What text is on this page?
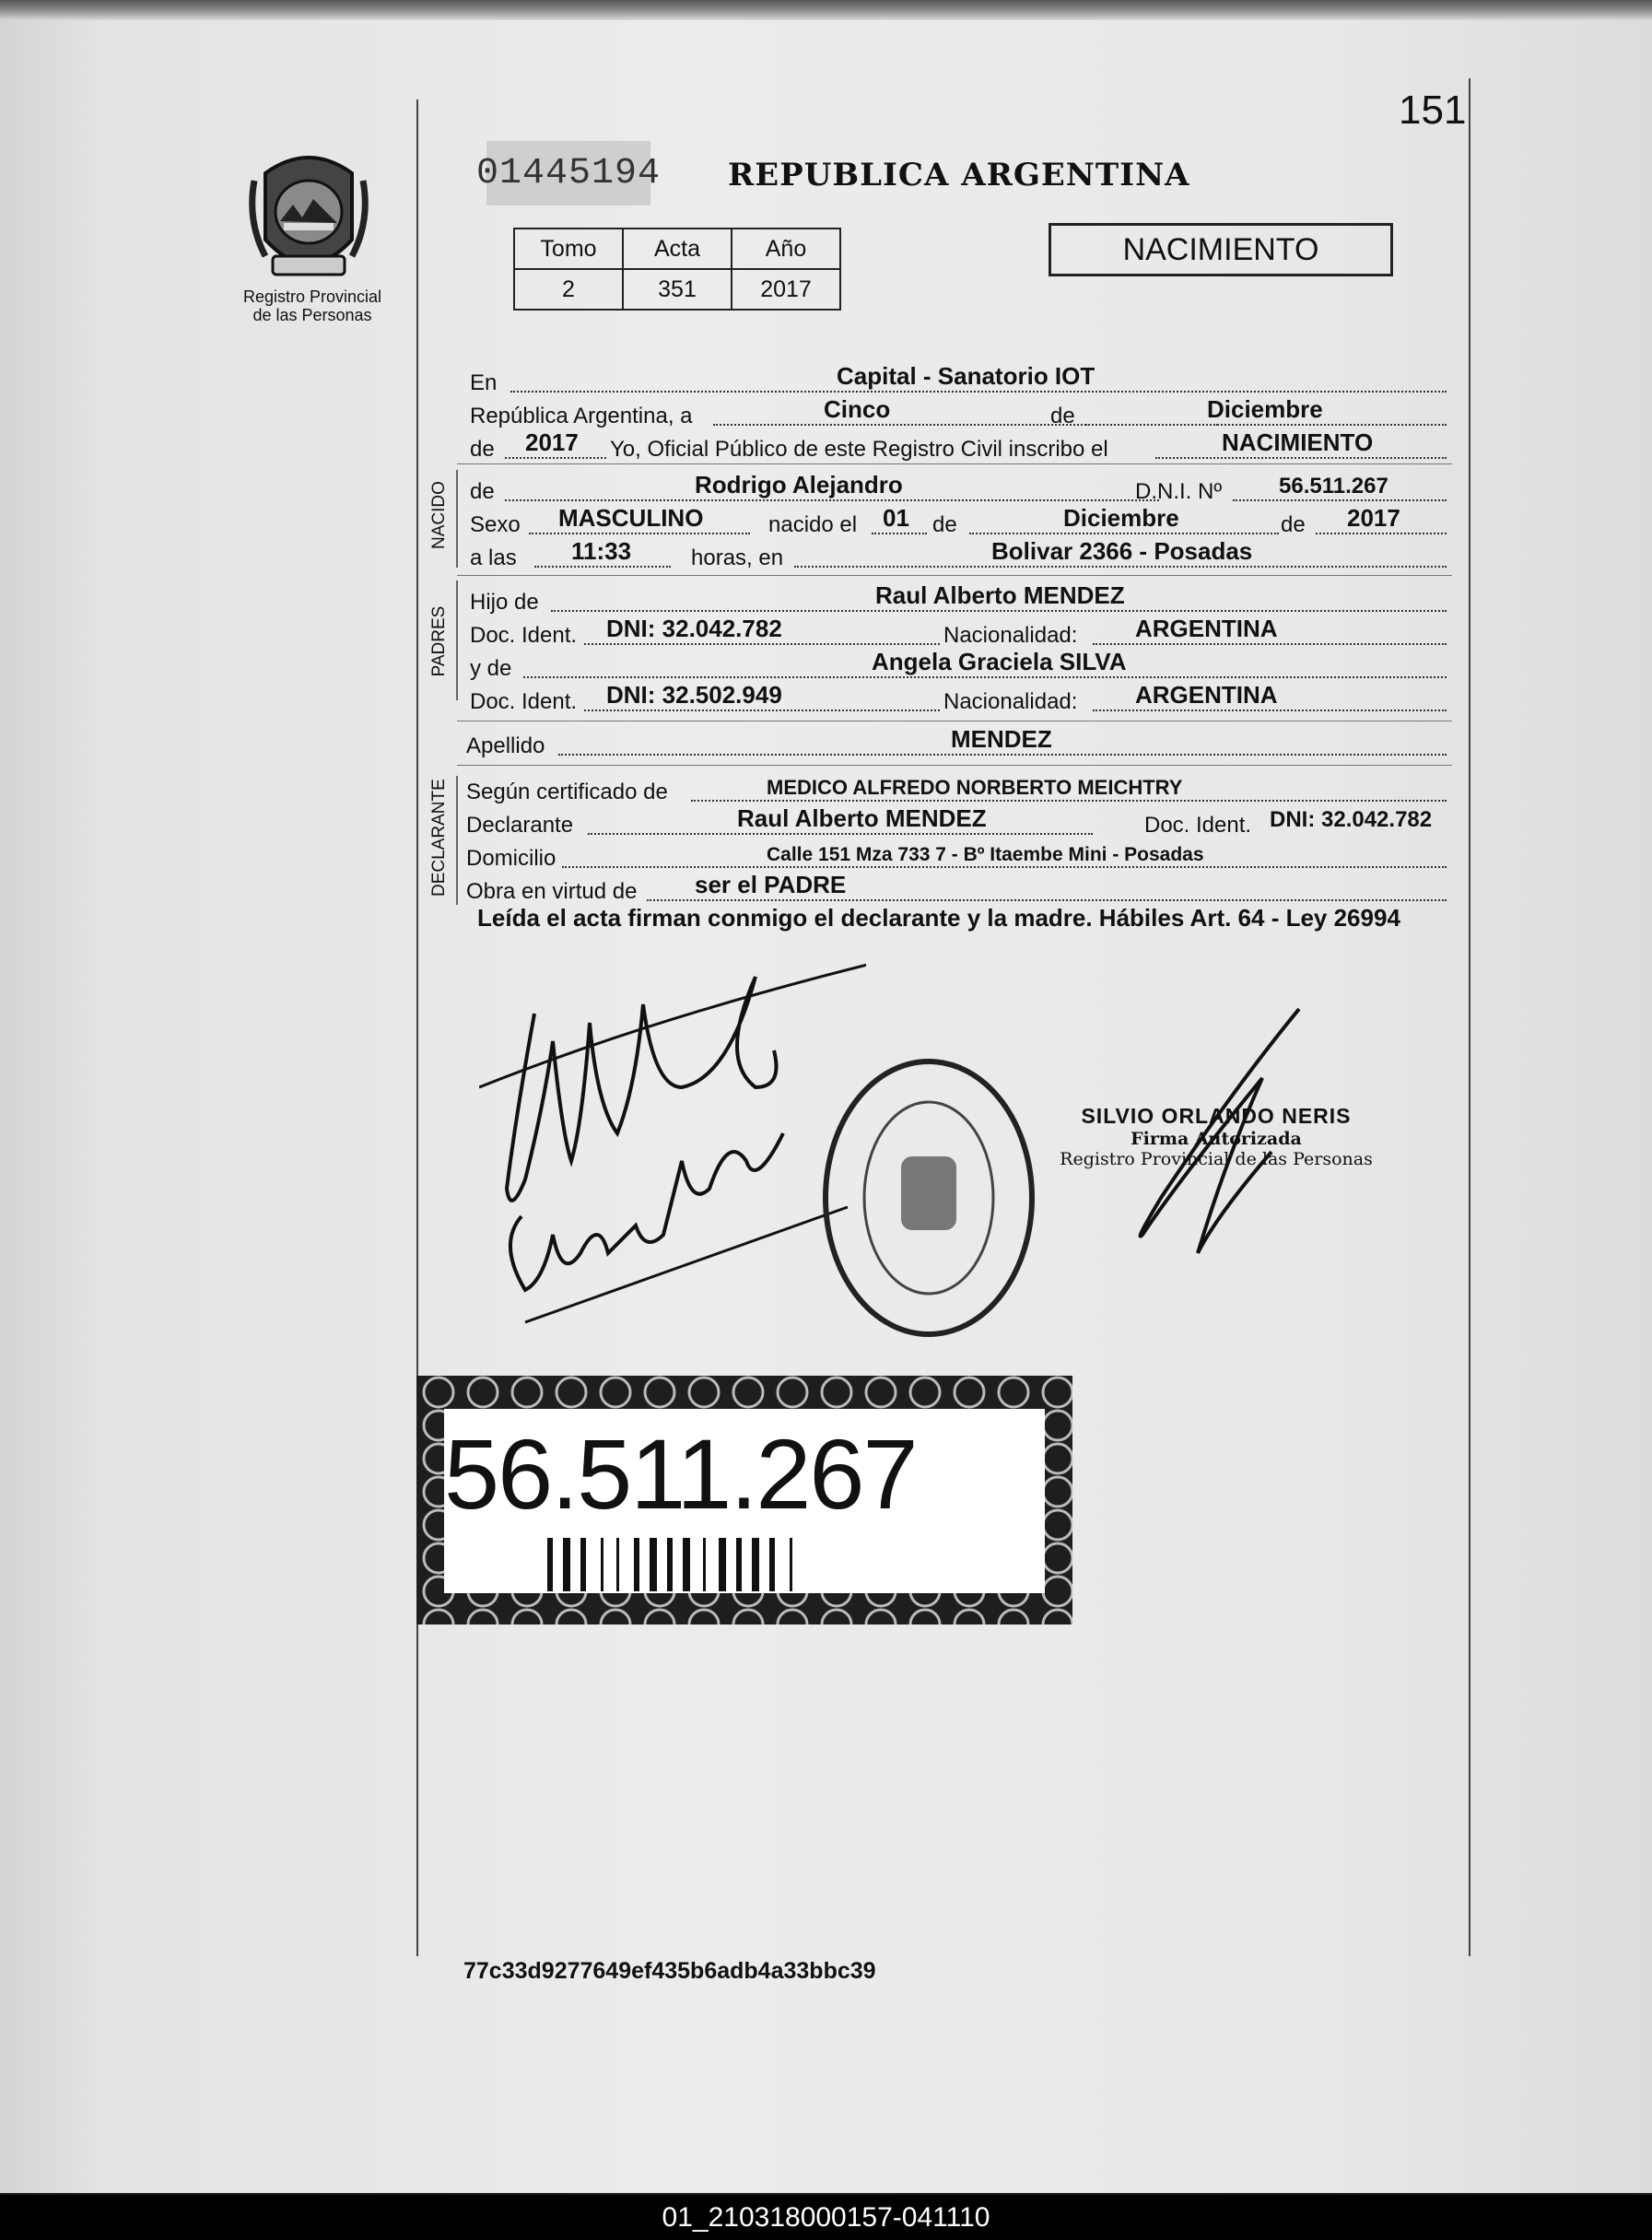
151
01445194 REPUBLICA ARGENTINA
Registro Provincial
de las Personas
Tomo	Acta	Año
2	351	2017
NACIMIENTO
NACIDO
PADRES
DECLARANTE
En	Capital - Sanatorio IOT
República Argentina, a	Cinco	de	Diciembre
de 2017 Yo, Oficial Público de este Registro Civil inscribo el	NACIMIENTO
de	Rodrigo Alejandro	D.N.I. Nº	56.511.267
Sexo MASCULINO	nacido el 01 de	Diciembre	de 2017
a las 11:33	horas, en	Bolivar 2366 - Posadas
Hijo de	Raul Alberto MENDEZ
Doc. Ident. DNI: 32.042.782	Nacionalidad: ARGENTINA
y de	Angela Graciela SILVA
Doc. Ident. DNI: 32.502.949	Nacionalidad: ARGENTINA
Apellido	MENDEZ
Según certificado de	MEDICO ALFREDO NORBERTO MEICHTRY
Declarante	Raul Alberto MENDEZ	Doc. Ident. DNI: 32.042.782
Domicilio	Calle 151 Mza 733 7 - Bº Itaembe Mini - Posadas
Obra en virtud de ser el PADRE
Leída el acta firman conmigo el declarante y la madre. Hábiles Art. 64 - Ley 26994
SILVIO ORLANDO NERIS
Firma Autorizada
Registro Provincial de las Personas
56.511.267
77c33d9277649ef435b6adb4a33bbc39
01_210318000157-041110
